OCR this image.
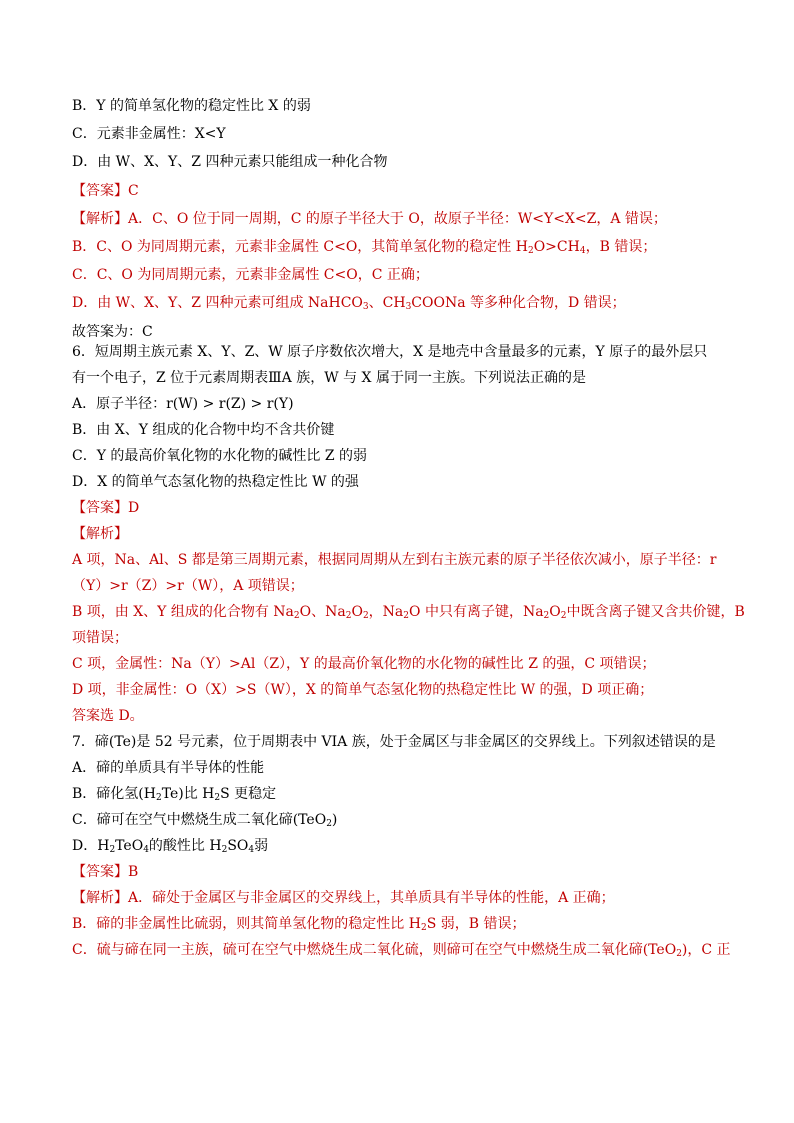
B．Y 的简单氢化物的稳定性比 X 的弱
C．元素非金属性：X<Y
D．由 W、X、Y、Z 四种元素只能组成一种化合物
【答案】C
【解析】A．C、O 位于同一周期，C 的原子半径大于 O，故原子半径：W<Y<X<Z，A 错误；
B．C、O 为同周期元素，元素非金属性 C<O，其简单氢化物的稳定性 $H_2O>CH_4$，B 错误；
C．C、O 为同周期元素，元素非金属性 C<O，C 正确；
D．由 W、X、Y、Z 四种元素可组成 NaHCO$_3$、$CH_3COONa$ 等多种化合物，D 错误；
故答案为：C
6．短周期主族元素 X、Y、Z、W 原子序数依次增大，X 是地壳中含量最多的元素，Y 原子的最外层只
有一个电子，Z 位于元素周期表ⅢA 族，W 与 X 属于同一主族。下列说法正确的是
A．原子半径：r(W) > r(Z) > r(Y)
B．由 X、Y 组成的化合物中均不含共价键
C．Y 的最高价氧化物的水化物的碱性比 Z 的弱
D．X 的简单气态氢化物的热稳定性比 W 的强
【答案】D
【解析】
A 项，Na、Al、S 都是第三周期元素，根据同周期从左到右主族元素的原子半径依次减小，原子半径：r
（Y）>r（Z）>r（W），A 项错误；
B 项，由 X、Y 组成的化合物有 $Na_2O$、$Na_2O_2$，$Na_2O$ 中只有离子键，$Na_2O_2$中既含离子键又含共价键，B
项错误；
C 项，金属性：Na（Y）>Al（Z），Y 的最高价氧化物的水化物的碱性比 Z 的强，C 项错误；
D 项，非金属性：O（X）>S（W），X 的简单气态氢化物的热稳定性比 W 的强，D 项正确；
答案选 D。
7．碲(Te)是 52 号元素，位于周期表中 VIA 族，处于金属区与非金属区的交界线上。下列叙述错误的是
A．碲的单质具有半导体的性能
B．碲化氢$(H_2Te)$比 $H_2S$ 更稳定
C．碲可在空气中燃烧生成二氧化碲(TeO$_2$)
D．$H_2TeO_4$的酸性比 $H_2SO_4$弱
【答案】B
【解析】A．碲处于金属区与非金属区的交界线上，其单质具有半导体的性能，A 正确；
B．碲的非金属性比硫弱，则其简单氢化物的稳定性比 $H_2S$ 弱，B 错误；
C．硫与碲在同一主族，硫可在空气中燃烧生成二氧化硫，则碲可在空气中燃烧生成二氧化碲(TeO$_2$)，C 正
